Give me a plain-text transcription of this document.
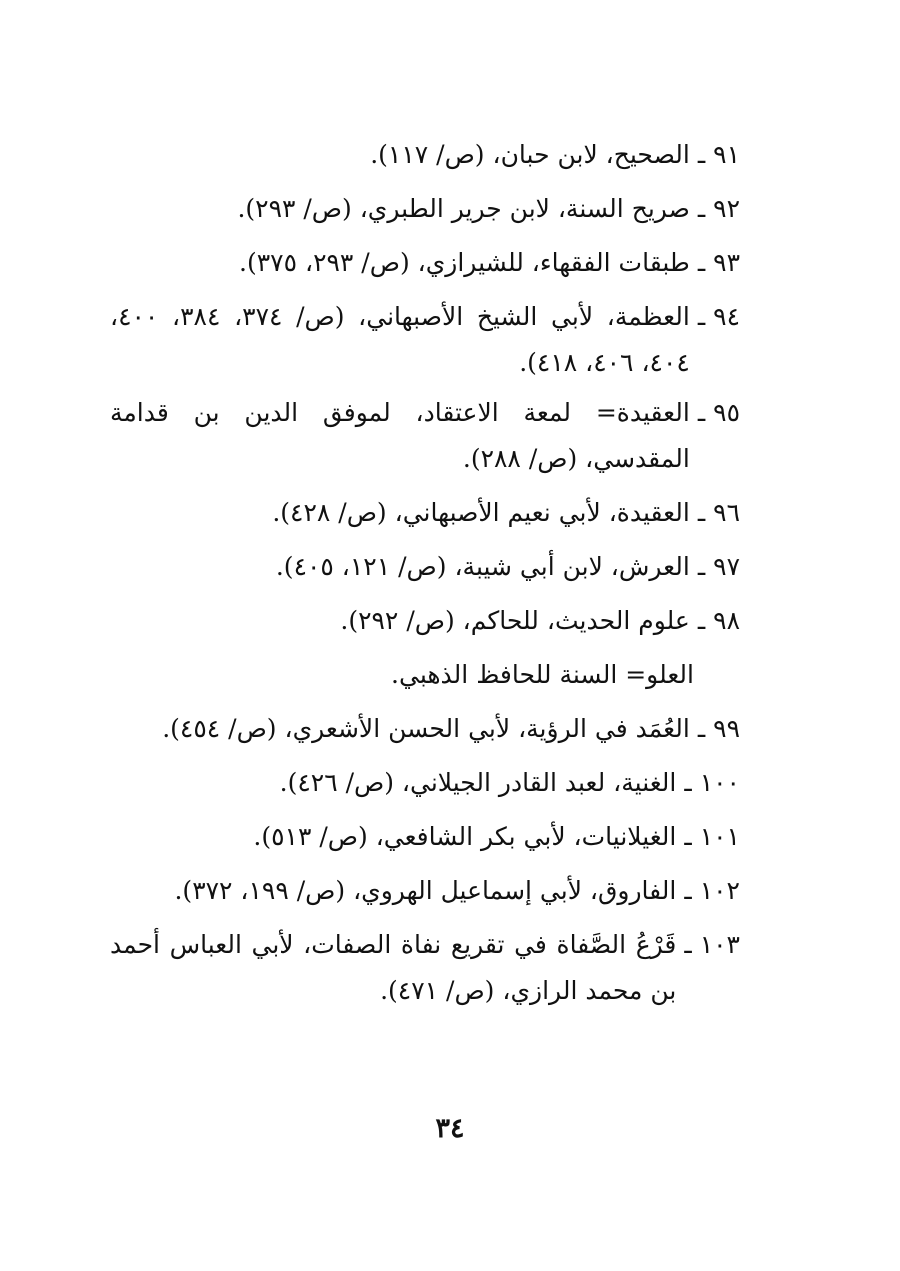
٩١
ـ
الصحيح، لابن حبان، (ص/ ١١٧).
٩٢
ـ
صريح السنة، لابن جرير الطبري، (ص/ ٢٩٣).
٩٣
ـ
طبقات الفقهاء، للشيرازي، (ص/ ٢٩٣، ٣٧٥).
٩٤
ـ
العظمة، لأبي الشيخ الأصبهاني، (ص/ ٣٧٤، ٣٨٤، ٤٠٠، ٤٠٤، ٤٠٦، ٤١٨).
٩٥
ـ
العقيدة= لمعة الاعتقاد، لموفق الدين بن قدامة المقدسي، (ص/ ٢٨٨).
٩٦
ـ
العقيدة، لأبي نعيم الأصبهاني، (ص/ ٤٢٨).
٩٧
ـ
العرش، لابن أبي شيبة، (ص/ ١٢١، ٤٠٥).
٩٨
ـ
علوم الحديث، للحاكم، (ص/ ٢٩٢).
العلو= السنة للحافظ الذهبي.
٩٩
ـ
العُمَد في الرؤية، لأبي الحسن الأشعري، (ص/ ٤٥٤).
١٠٠
ـ
الغنية، لعبد القادر الجيلاني، (ص/ ٤٢٦).
١٠١
ـ
الغيلانيات، لأبي بكر الشافعي، (ص/ ٥١٣).
١٠٢
ـ
الفاروق، لأبي إسماعيل الهروي، (ص/ ١٩٩، ٣٧٢).
١٠٣
ـ
قَرْعُ الصَّفاة في تقريع نفاة الصفات، لأبي العباس أحمد بن محمد الرازي، (ص/ ٤٧١).
٣٤
